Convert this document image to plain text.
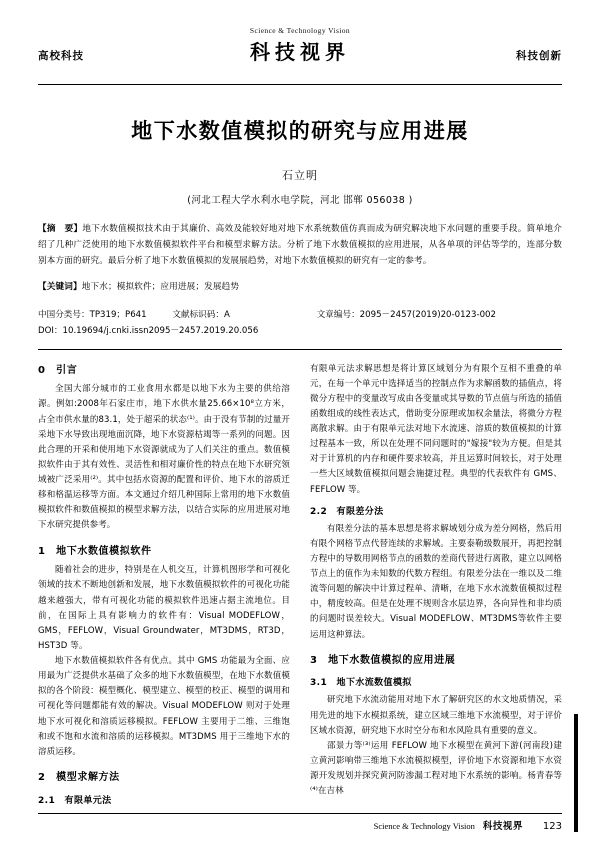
Science & Technology Vision
科技视界
高校科技	科技创新
地下水数值模拟的研究与应用进展
石立明
(河北工程大学水利水电学院，河北 邯郸 056038 )
【摘　要】地下水数值模拟技术由于其廉价、高效及能较好地对地下水系统数值仿真而成为研究解决地下水问题的重要手段。简单地介绍了几种广泛使用的地下水数值模拟软件平台和模型求解方法。分析了地下水数值模拟的应用进展，从各单项的评估等学的，连部分数别本方面的研究。最后分析了地下水数值模拟的发展展趋势，对地下水数值模拟的研究有一定的参考。
【关键词】地下水；模拟软件；应用进展；发展趋势
中国分类号：TP319；P641　　　	文献标识码：A	文章编号：2095－2457(2019)20-0123-002
DOI：10.19694/j.cnki.issn2095－2457.2019.20.056
0　引言

全国大部分城市的工业食用水都是以地下水为主要的供给溶源。例如:2008年石家庄市，地下水供水量25.66×10⁸立方米，占全市供水量的83.1，处于超采的状态⁽¹⁾。由于没有节制的过量开采地下水导致出现地面沉降，地下水资源枯竭等一系列的问题。因此合理的开采和使用地下水资源就成为了人们关注的重点。数值模拟软件由于其有效性、灵活性和相对廉价性的特点在地下水研究领域被广泛采用⁽²⁾。其中包括水资源的配置和评价、地下水的溶质迁移和格温运移等方面。本文通过介绍几种国际上常用的地下水数值模拟软件和数值模拟的模型求解方法，以结合实际的应用进展对地下水研究提供参考。

1　地下水数值模拟软件

随着社会的进步，特别是在人机交互，计算机图形学和可视化领域的技术不断地创新和发展，地下水数值模拟软件的可视化功能越来越强大，带有可视化功能的模拟软件迅速占据主流地位。目前，在国际上具有影响力的软件有：Visual MODEFLOW，GMS，FEFLOW，Visual Groundwater，MT3DMS，RT3D，HST3D 等。

地下水数值模拟软件各有优点。其中 GMS 功能最为全面、应用最为广泛提供水基础了众多的地下水数值模型，在地下水数值模拟的各个阶段：模型概化、模型建立、模型的校正、模型的调用和可视化等问题都能有效的解决。Visual MODEFLOW 则对于处理地下水可视化和溶质运移模拟。FEFLOW 主要用于二维、三维饱和或不饱和水流和溶质的运移模拟。MT3DMS 用于三维地下水的溶质运移。

2　模型求解方法
2.1　有限单元法

有限单元法求解思想是将计算区域划分为有限个互相不重叠的单元，在每一个单元中选择适当的控制点作为求解函数的插值点，将微分方程中的变量改写成由各变量或其导数的节点值与所选的插值函数组成的线性表达式，借助变分原理或加权余量法，将微分方程离散求解。由于有限单元法对地下水流速、溶质的数值模拟的计算过程基本一致，所以在处理不同问题时的"嫁接"较为方便。但是其对于计算机的内存和硬件要求较高，并且运算时间较长，对于处理一些大区域数值模拟问题会施捷过程。典型的代表软件有 GMS、FEFLOW 等。

2.2　有限差分法

有限差分法的基本思想是将求解域划分成为差分网格，然后用有限个网格节点代替连续的求解域。主要泰勒级数展开，再把控制方程中的导数用网格节点的函数的差商代替进行离散，建立以网格节点上的值作为未知数的代数方程组。有限差分法在一维以及二维流等问题的解决中计算过程单、清晰，在地下水水流数值模拟过程中，精度较高。但是在处理不规则含水层边界，各向异性和非均质的问题时误差较大。Visual MODEFLOW、MT3DMS等软件主要运用这种算法。

3　地下水数值模拟的应用进展
3.1　地下水流数值模拟

研究地下水流动能用对地下水了解研究区的水文地质情况，采用先进的地下水模拟系统，建立区域三维地下水流模型，对于评价区域水资源，研究地下水时空分布和水风险具有重要的意义。

邵景力等⁽³⁾运用 FEFLOW 地下水模型在黄河下游(河南段)建立黄河影响带三维地下水流模拟模型，评价地下水资源和地下水资源开发规划并探究黄河防渗漏工程对地下水系统的影响。杨青春等⁽⁴⁾在吉林

Science & Technology Vision 科技视界 123
